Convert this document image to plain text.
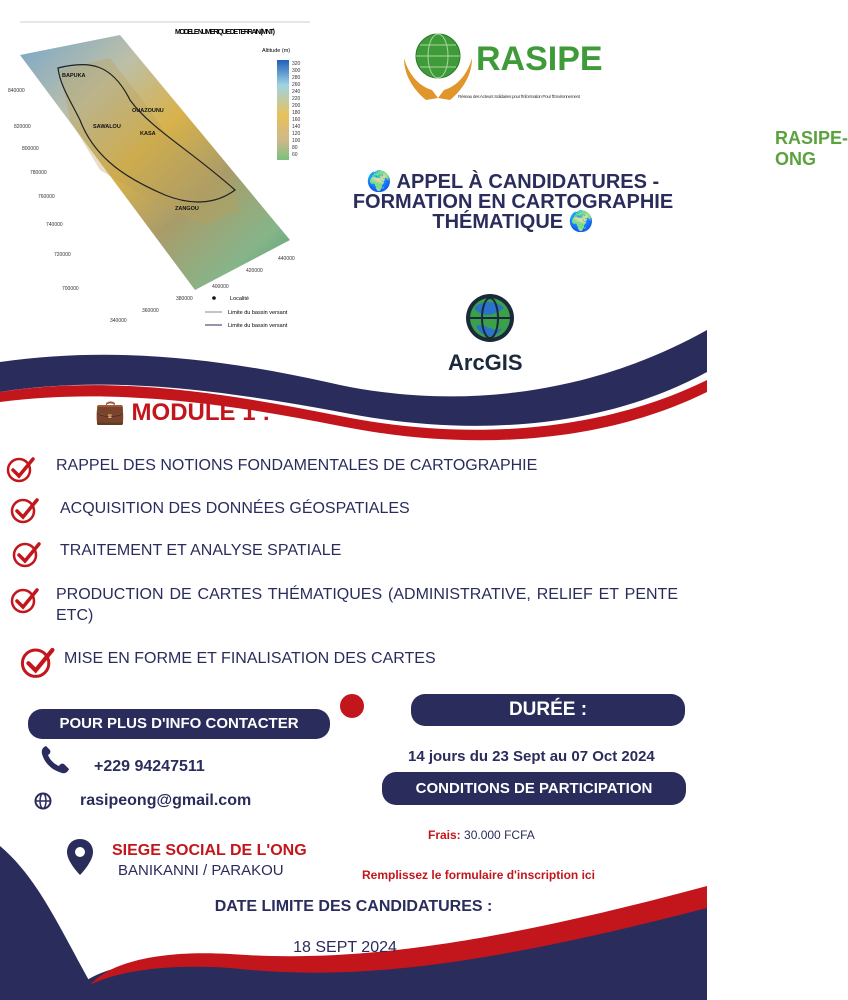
MODELE NUMERIQUE DE TERRAIN (MNT)
Altitude (m)
320
300
280
260
240
220
200
180
160
140
120
100
80
60
BAPUKA
OUAZOUNU
SAWALOU
KASA
ZANGOU
840000
820000
800000
780000
760000
740000
720000
700000
340000
360000
380000
400000
420000
440000
Localité
Limite du bassin versant
Limite du bassin versant
RASIPE
Réseau des Acteurs Solidaires pour l'Information Pour l'Environnement
RASIPE-ONG
🌍 APPEL À CANDIDATURES -
FORMATION EN CARTOGRAPHIE
THÉMATIQUE 🌍
ArcGIS
💼 MODULE 1 :
RAPPEL DES NOTIONS FONDAMENTALES DE CARTOGRAPHIE
ACQUISITION DES DONNÉES GÉOSPATIALES
TRAITEMENT ET ANALYSE SPATIALE
PRODUCTION DE CARTES THÉMATIQUES (ADMINISTRATIVE, RELIEF ET PENTE ETC)
MISE EN FORME ET FINALISATION DES CARTES
POUR PLUS D'INFO CONTACTER
+229 94247511
rasipeong@gmail.com
SIEGE SOCIAL DE L'ONG
BANIKANNI / PARAKOU
DURÉE :
14 jours du 23 Sept au 07 Oct 2024
CONDITIONS DE PARTICIPATION
Frais: 30.000 FCFA
Remplissez le formulaire d'inscription ici
DATE LIMITE DES CANDIDATURES :
18 SEPT 2024
